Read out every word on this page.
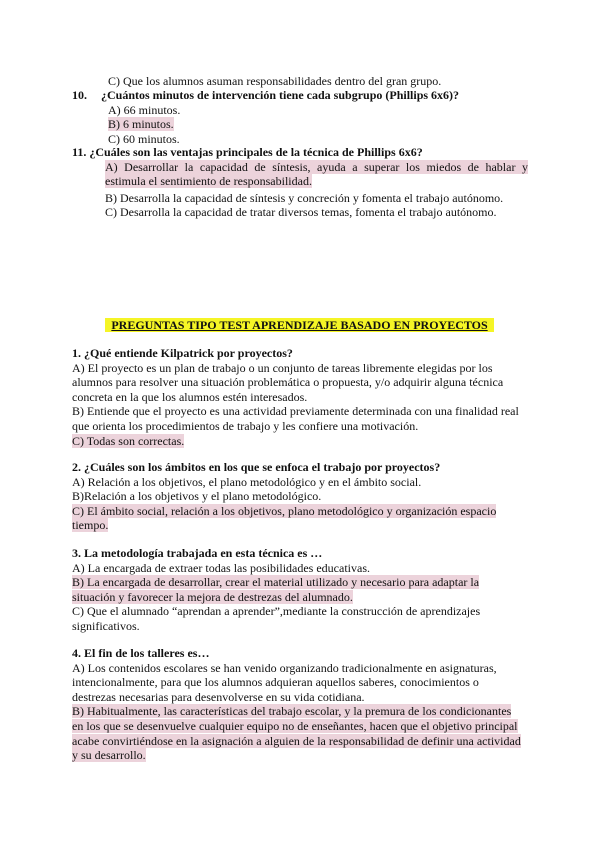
C) Que los alumnos asuman responsabilidades dentro del gran grupo.
10. ¿Cuántos minutos de intervención tiene cada subgrupo (Phillips 6x6)?
A) 66 minutos.
B) 6 minutos.
C) 60 minutos.
11. ¿Cuáles son las ventajas principales de la técnica de Phillips 6x6?
A) Desarrollar la capacidad de síntesis, ayuda a superar los miedos de hablar y
estimula el sentimiento de responsabilidad.
B) Desarrolla la capacidad de síntesis y concreción y fomenta el trabajo autónomo.
C) Desarrolla la capacidad de tratar diversos temas, fomenta el trabajo autónomo.
PREGUNTAS TIPO TEST APRENDIZAJE BASADO EN PROYECTOS
1. ¿Qué entiende Kilpatrick por proyectos?
A) El proyecto es un plan de trabajo o un conjunto de tareas libremente elegidas por los
alumnos para resolver una situación problemática o propuesta, y/o adquirir alguna técnica
concreta en la que los alumnos estén interesados.
B) Entiende que el proyecto es una actividad previamente determinada con una finalidad real
que orienta los procedimientos de trabajo y les confiere una motivación.
C) Todas son correctas.
2. ¿Cuáles son los ámbitos en los que se enfoca el trabajo por proyectos?
A) Relación a los objetivos, el plano metodológico y en el ámbito social.
B)Relación a los objetivos y el plano metodológico.
C) El ámbito social, relación a los objetivos, plano metodológico y organización espacio
tiempo.
3. La metodología trabajada en esta técnica es …
A) La encargada de extraer todas las posibilidades educativas.
B) La encargada de desarrollar, crear el material utilizado y necesario para adaptar la
situación y favorecer la mejora de destrezas del alumnado.
C) Que el alumnado “aprendan a aprender”,mediante la construcción de aprendizajes
significativos.
4. El fin de los talleres es…
A) Los contenidos escolares se han venido organizando tradicionalmente en asignaturas,
intencionalmente, para que los alumnos adquieran aquellos saberes, conocimientos o
destrezas necesarias para desenvolverse en su vida cotidiana.
B) Habitualmente, las características del trabajo escolar, y la premura de los condicionantes
en los que se desenvuelve cualquier equipo no de enseñantes, hacen que el objetivo principal
acabe convirtiéndose en la asignación a alguien de la responsabilidad de definir una actividad
y su desarrollo.
